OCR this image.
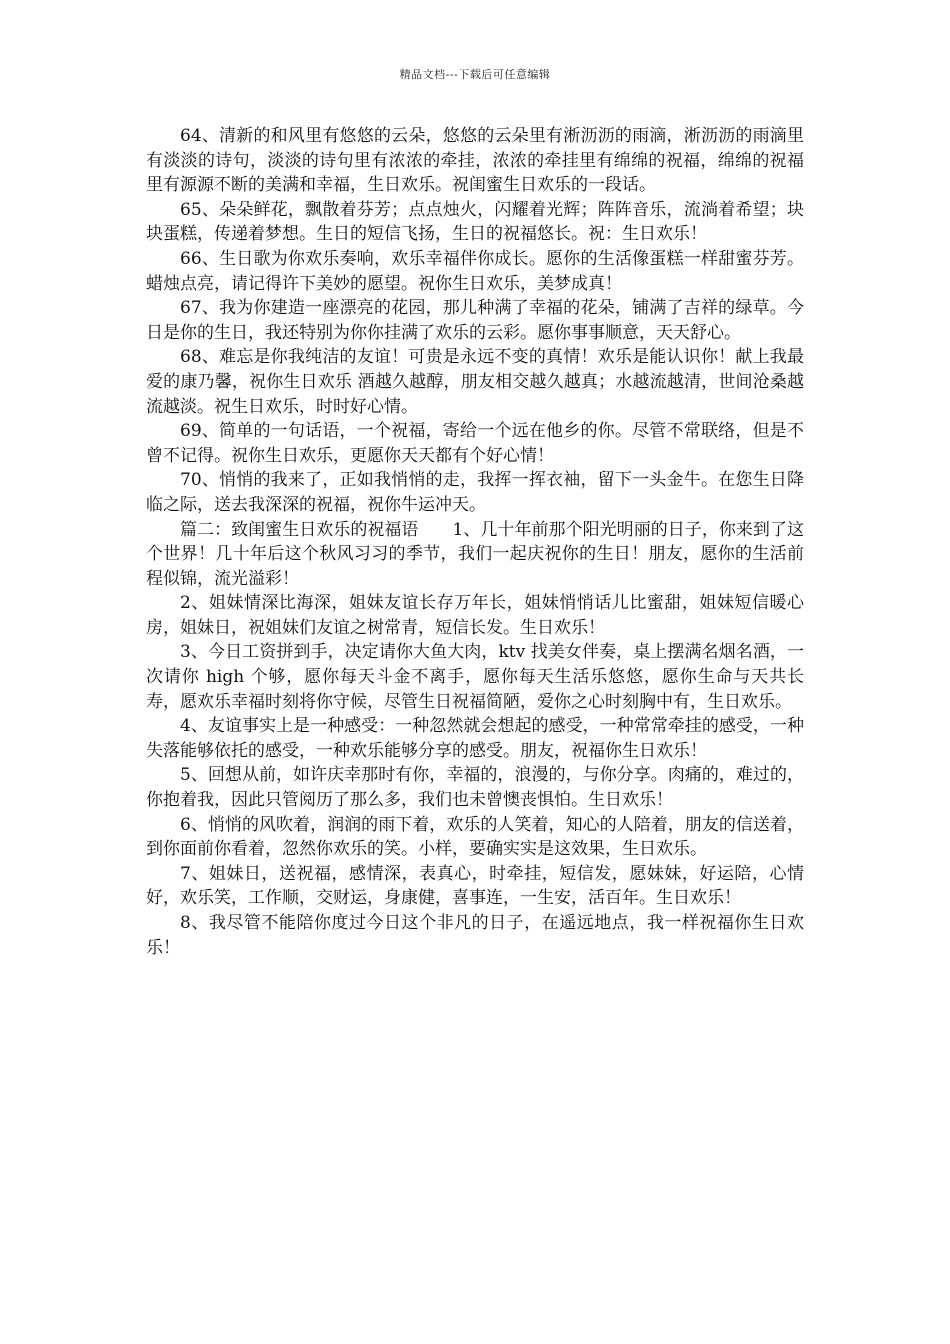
精品文档---下载后可任意编辑

64、清新的和风里有悠悠的云朵，悠悠的云朵里有淅沥沥的雨滴，淅沥沥的雨滴里有淡淡的诗句，淡淡的诗句里有浓浓的牵挂，浓浓的牵挂里有绵绵的祝福，绵绵的祝福里有源源不断的美满和幸福，生日欢乐。祝闺蜜生日欢乐的一段话。

65、朵朵鲜花，飘散着芬芳；点点烛火，闪耀着光辉；阵阵音乐，流淌着希望；块块蛋糕，传递着梦想。生日的短信飞扬，生日的祝福悠长。祝：生日欢乐！

66、生日歌为你欢乐奏响，欢乐幸福伴你成长。愿你的生活像蛋糕一样甜蜜芬芳。蜡烛点亮，请记得许下美妙的愿望。祝你生日欢乐，美梦成真！

67、我为你建造一座漂亮的花园，那儿种满了幸福的花朵，铺满了吉祥的绿草。今日是你的生日，我还特别为你你挂满了欢乐的云彩。愿你事事顺意，天天舒心。

68、难忘是你我纯洁的友谊！可贵是永远不变的真情！欢乐是能认识你！献上我最爱的康乃馨，祝你生日欢乐 酒越久越醇，朋友相交越久越真；水越流越清，世间沧桑越流越淡。祝生日欢乐，时时好心情。

69、简单的一句话语，一个祝福，寄给一个远在他乡的你。尽管不常联络，但是不曾不记得。祝你生日欢乐，更愿你天天都有个好心情！

70、悄悄的我来了，正如我悄悄的走，我挥一挥衣袖，留下一头金牛。在您生日降临之际，送去我深深的祝福，祝你牛运冲天。

篇二：致闺蜜生日欢乐的祝福语　　1、几十年前那个阳光明丽的日子，你来到了这个世界！几十年后这个秋风习习的季节，我们一起庆祝你的生日！朋友，愿你的生活前程似锦，流光溢彩！

2、姐妹情深比海深，姐妹友谊长存万年长，姐妹悄悄话儿比蜜甜，姐妹短信暖心房，姐妹日，祝姐妹们友谊之树常青，短信长发。生日欢乐！

3、今日工资拼到手，决定请你大鱼大肉，ktv 找美女伴奏，桌上摆满名烟名酒，一次请你 high 个够，愿你每天斗金不离手，愿你每天生活乐悠悠，愿你生命与天共长寿，愿欢乐幸福时刻将你守候，尽管生日祝福简陋，爱你之心时刻胸中有，生日欢乐。

4、友谊事实上是一种感受：一种忽然就会想起的感受，一种常常牵挂的感受，一种失落能够依托的感受，一种欢乐能够分享的感受。朋友，祝福你生日欢乐！

5、回想从前，如许庆幸那时有你，幸福的，浪漫的，与你分享。肉痛的，难过的，你抱着我，因此只管阅历了那么多，我们也未曾懊丧惧怕。生日欢乐！

6、悄悄的风吹着，润润的雨下着，欢乐的人笑着，知心的人陪着，朋友的信送着，到你面前你看着，忽然你欢乐的笑。小样，要确实实是这效果，生日欢乐。

7、姐妹日，送祝福，感情深，表真心，时牵挂，短信发，愿妹妹，好运陪，心情好，欢乐笑，工作顺，交财运，身康健，喜事连，一生安，活百年。生日欢乐！

8、我尽管不能陪你度过今日这个非凡的日子，在遥远地点，我一样祝福你生日欢乐！
